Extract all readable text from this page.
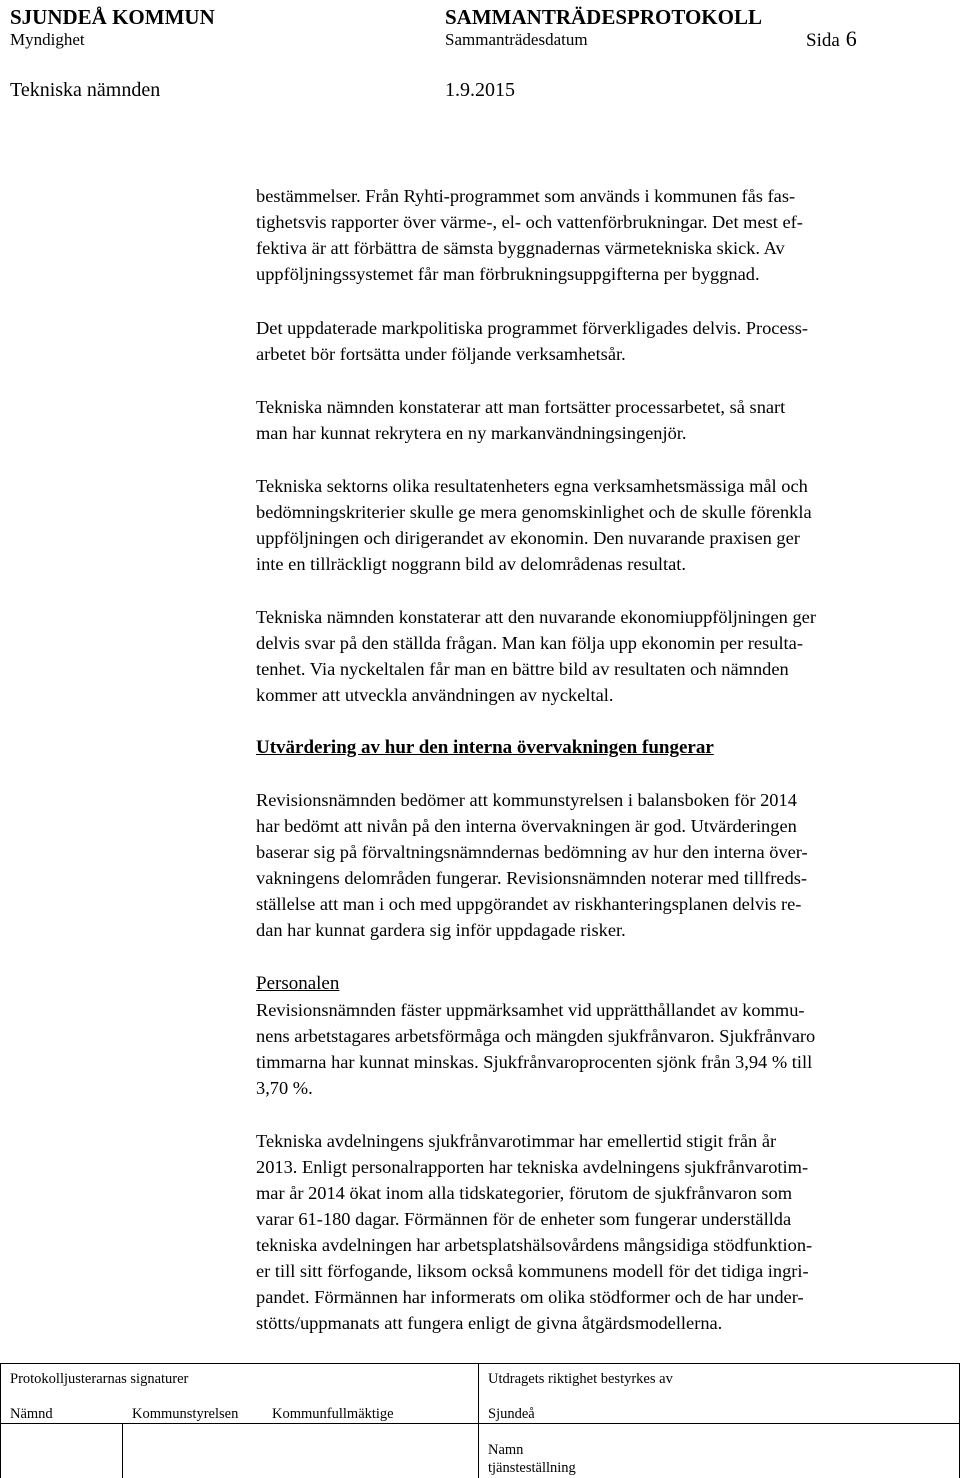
SJUNDEÅ KOMMUN	SAMMANTRÄDESPROTOKOLL
Myndighet	Sammanträdesdatum	Sida 6
Tekniska nämnden	1.9.2015
bestämmelser. Från Ryhti-programmet som används i kommunen fås fas-
tighetsvis rapporter över värme-, el- och vattenförbrukningar. Det mest ef-
fektiva är att förbättra de sämsta byggnadernas värmetekniska skick. Av
uppföljningssystemet får man förbrukningsuppgifterna per byggnad.
Det uppdaterade markpolitiska programmet förverkligades delvis. Process-
arbetet bör fortsätta under följande verksamhetsår.
Tekniska nämnden konstaterar att man fortsätter processarbetet, så snart
man har kunnat rekrytera en ny markanvändningsingenjör.
Tekniska sektorns olika resultatenheters egna verksamhetsmässiga mål och
bedömningskriterier skulle ge mera genomskinlighet och de skulle förenkla
uppföljningen och dirigerandet av ekonomin. Den nuvarande praxisen ger
inte en tillräckligt noggrann bild av delområdenas resultat.
Tekniska nämnden konstaterar att den nuvarande ekonomiuppföljningen ger
delvis svar på den ställda frågan. Man kan följa upp ekonomin per resulta-
tenhet. Via nyckeltalen får man en bättre bild av resultaten och nämnden
kommer att utveckla användningen av nyckeltal.
Utvärdering av hur den interna övervakningen fungerar
Revisionsnämnden bedömer att kommunstyrelsen i balansboken för 2014
har bedömt att nivån på den interna övervakningen är god. Utvärderingen
baserar sig på förvaltningsnämndernas bedömning av hur den interna över-
vakningens delområden fungerar. Revisionsnämnden noterar med tillfreds-
ställelse att man i och med uppgörandet av riskhanteringsplanen delvis re-
dan har kunnat gardera sig inför uppdagade risker.
Personalen
Revisionsnämnden fäster uppmärksamhet vid upprätthållandet av kommu-
nens arbetstagares arbetsförmåga och mängden sjukfrånvaron. Sjukfrånvaro
timmarna har kunnat minskas. Sjukfrånvaroprocenten sjönk från 3,94 % till
3,70 %.
Tekniska avdelningens sjukfrånvarotimmar har emellertid stigit från år
2013. Enligt personalrapporten har tekniska avdelningens sjukfrånvarotim-
mar år 2014 ökat inom alla tidskategorier, förutom de sjukfrånvaron som
varar 61-180 dagar. Förmännen för de enheter som fungerar underställda
tekniska avdelningen har arbetsplatshälsovårdens mångsidiga stödfunktion-
er till sitt förfogande, liksom också kommunens modell för det tidiga ingri-
pandet. Förmännen har informerats om olika stödformer och de har under-
stötts/uppmanats att fungera enligt de givna åtgärdsmodellerna.
Protokolljusterarnas signaturer	Utdragets riktighet bestyrkes av
Nämnd	Kommunstyrelsen Kommunfullmäktige	Sjundeå
Namn
tjänsteställning
